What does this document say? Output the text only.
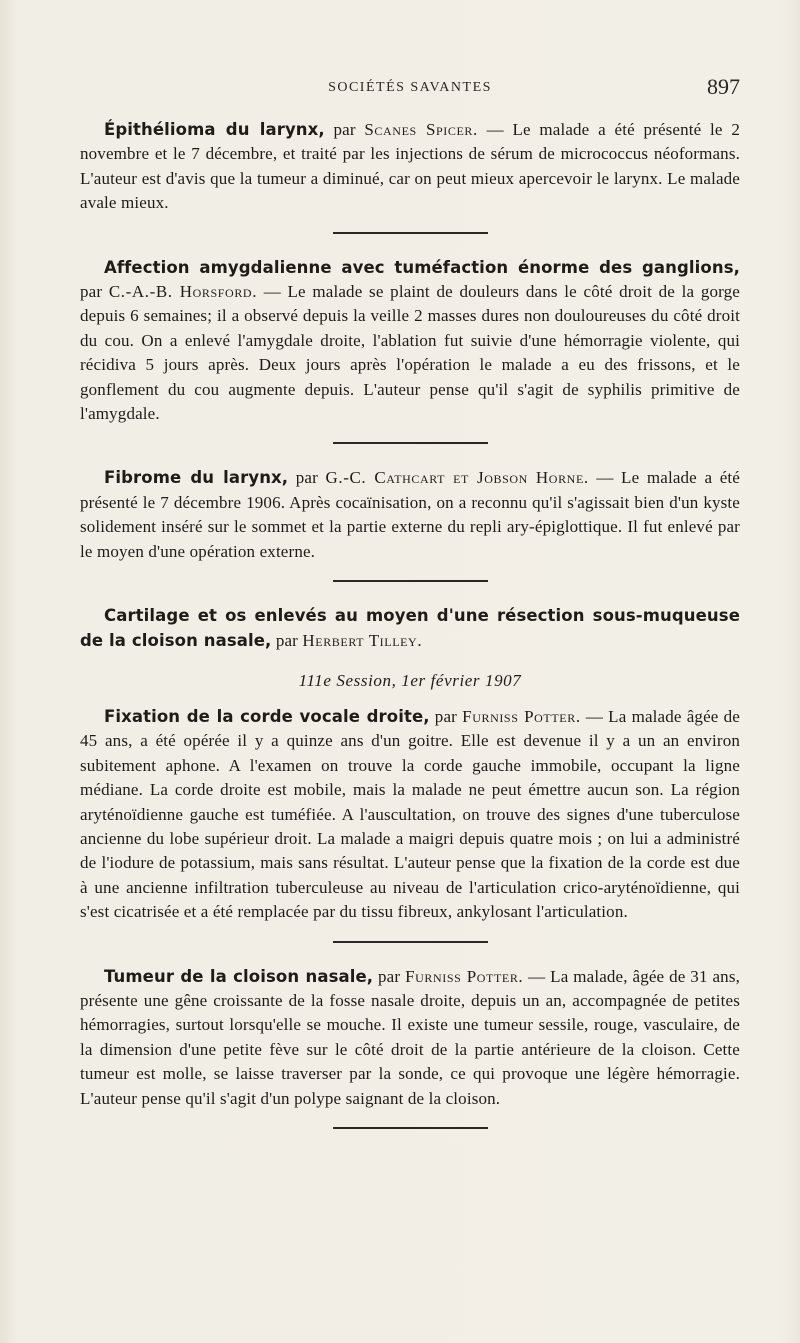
SOCIÉTÉS SAVANTES	897

Épithélioma du larynx, par Scanes Spicer. — Le malade a été présenté le 2 novembre et le 7 décembre, et traité par les injections de sérum de micrococcus néoformans. L'auteur est d'avis que la tumeur a diminué, car on peut mieux apercevoir le larynx. Le malade avale mieux.

Affection amygdalienne avec tuméfaction énorme des ganglions, par C.-A.-B. Horsford. — Le malade se plaint de douleurs dans le côté droit de la gorge depuis 6 semaines; il a observé depuis la veille 2 masses dures non douloureuses du côté droit du cou. On a enlevé l'amygdale droite, l'ablation fut suivie d'une hémorragie violente, qui récidiva 5 jours après. Deux jours après l'opération le malade a eu des frissons, et le gonflement du cou augmente depuis. L'auteur pense qu'il s'agit de syphilis primitive de l'amygdale.

Fibrome du larynx, par G.-C. Cathcart et Jobson Horne. — Le malade a été présenté le 7 décembre 1906. Après cocaïnisation, on a reconnu qu'il s'agissait bien d'un kyste solidement inséré sur le sommet et la partie externe du repli ary-épiglottique. Il fut enlevé par le moyen d'une opération externe.

Cartilage et os enlevés au moyen d'une résection sous-muqueuse de la cloison nasale, par Herbert Tilley.

111e Session, 1er février 1907

Fixation de la corde vocale droite, par Furniss Potter. — La malade âgée de 45 ans, a été opérée il y a quinze ans d'un goitre. Elle est devenue il y a un an environ subitement aphone. A l'examen on trouve la corde gauche immobile, occupant la ligne médiane. La corde droite est mobile, mais la malade ne peut émettre aucun son. La région aryténoïdienne gauche est tuméfiée. A l'auscultation, on trouve des signes d'une tuberculose ancienne du lobe supérieur droit. La malade a maigri depuis quatre mois ; on lui a administré de l'iodure de potassium, mais sans résultat. L'auteur pense que la fixation de la corde est due à une ancienne infiltration tuberculeuse au niveau de l'articulation crico-aryténoïdienne, qui s'est cicatrisée et a été remplacée par du tissu fibreux, ankylosant l'articulation.

Tumeur de la cloison nasale, par Furniss Potter. — La malade, âgée de 31 ans, présente une gêne croissante de la fosse nasale droite, depuis un an, accompagnée de petites hémorragies, surtout lorsqu'elle se mouche. Il existe une tumeur sessile, rouge, vasculaire, de la dimension d'une petite fève sur le côté droit de la partie antérieure de la cloison. Cette tumeur est molle, se laisse traverser par la sonde, ce qui provoque une légère hémorragie. L'auteur pense qu'il s'agit d'un polype saignant de la cloison.
